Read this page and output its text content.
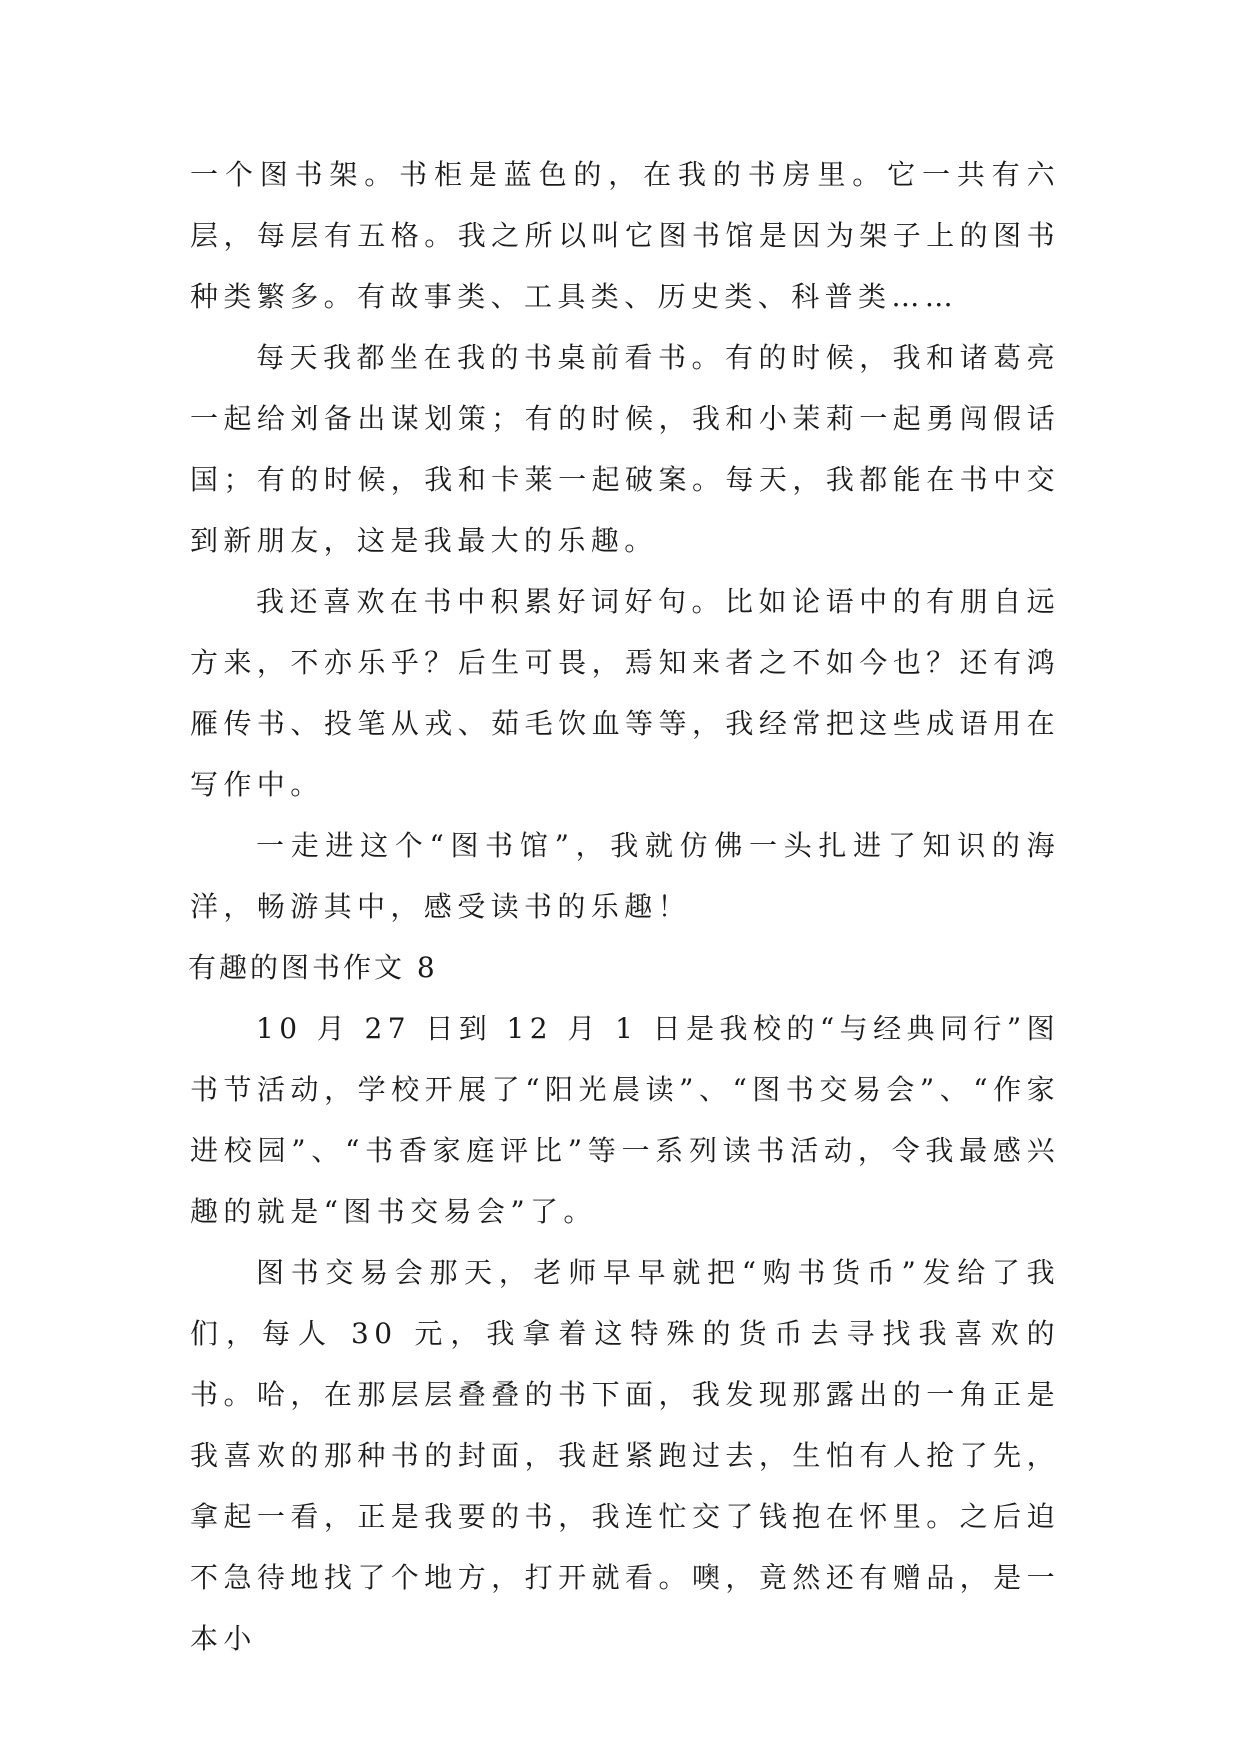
一个图书架。书柜是蓝色的，在我的书房里。它一共有六层，每层有五格。我之所以叫它图书馆是因为架子上的图书种类繁多。有故事类、工具类、历史类、科普类……

每天我都坐在我的书桌前看书。有的时候，我和诸葛亮一起给刘备出谋划策；有的时候，我和小茉莉一起勇闯假话国；有的时候，我和卡莱一起破案。每天，我都能在书中交到新朋友，这是我最大的乐趣。

我还喜欢在书中积累好词好句。比如论语中的有朋自远方来，不亦乐乎？后生可畏，焉知来者之不如今也？还有鸿雁传书、投笔从戎、茹毛饮血等等，我经常把这些成语用在写作中。

一走进这个“图书馆”，我就仿佛一头扎进了知识的海洋，畅游其中，感受读书的乐趣！

有趣的图书作文 8

10 月 27 日到 12 月 1 日是我校的“与经典同行”图书节活动，学校开展了“阳光晨读”、“图书交易会”、“作家进校园”、“书香家庭评比”等一系列读书活动，令我最感兴趣的就是“图书交易会”了。

图书交易会那天，老师早早就把“购书货币”发给了我们，每人 30 元，我拿着这特殊的货币去寻找我喜欢的书。哈，在那层层叠叠的书下面，我发现那露出的一角正是我喜欢的那种书的封面，我赶紧跑过去，生怕有人抢了先，拿起一看，正是我要的书，我连忙交了钱抱在怀里。之后迫不急待地找了个地方，打开就看。噢，竟然还有赠品，是一本小
